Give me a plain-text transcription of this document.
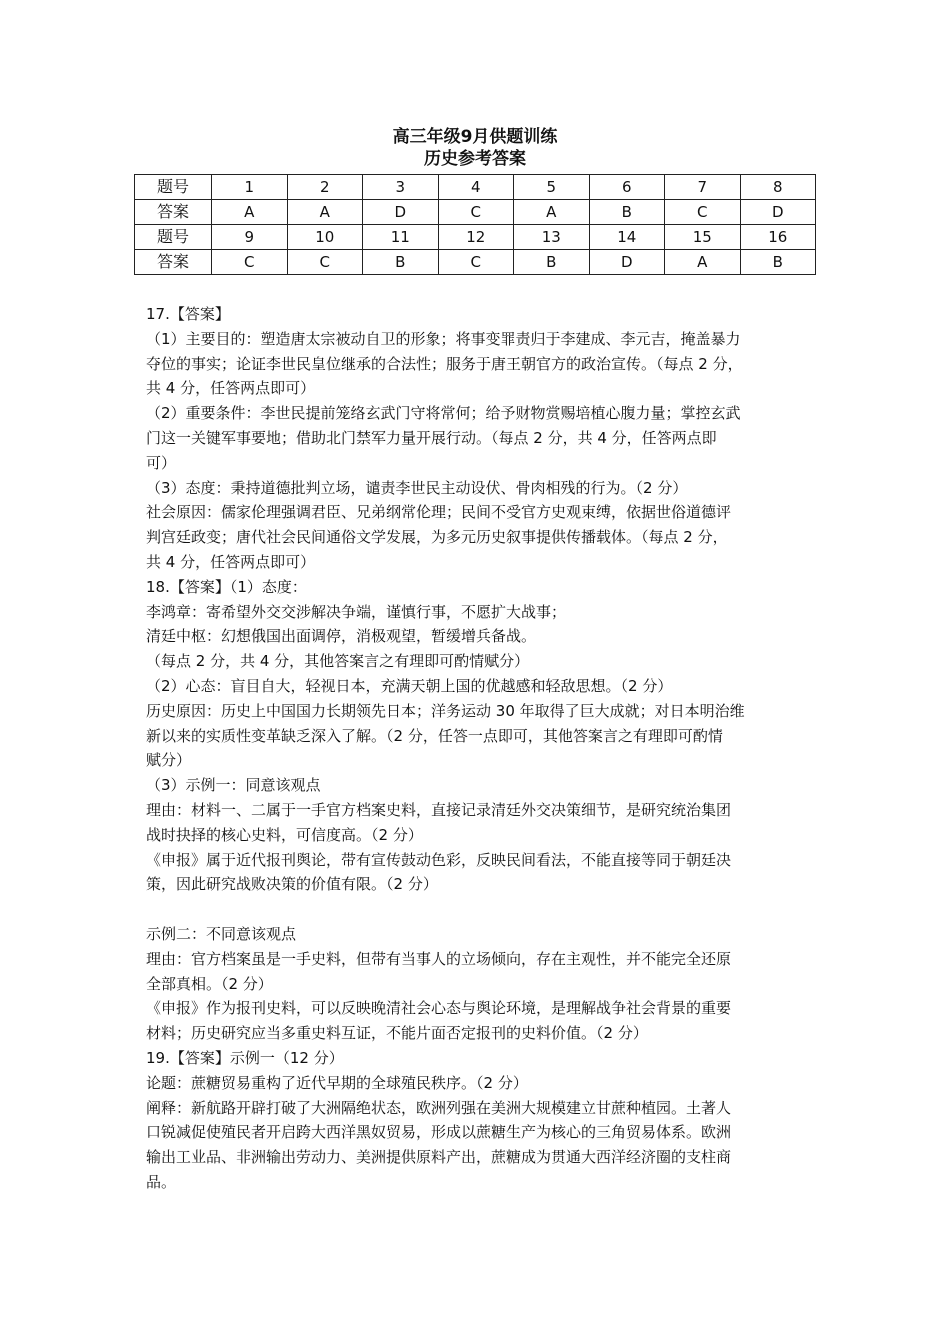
高三年级9月供题训练
历史参考答案
题号	1	2	3	4	5	6	7	8
答案	A	A	D	C	A	B	C	D
题号	9	10	11	12	13	14	15	16
答案	C	C	B	C	B	D	A	B
17.【答案】
（1）主要目的：塑造唐太宗被动自卫的形象；将事变罪责归于李建成、李元吉，掩盖暴力
夺位的事实；论证李世民皇位继承的合法性；服务于唐王朝官方的政治宣传。（每点 2 分，
共 4 分，任答两点即可）
（2）重要条件：李世民提前笼络玄武门守将常何；给予财物赏赐培植心腹力量；掌控玄武
门这一关键军事要地；借助北门禁军力量开展行动。（每点 2 分，共 4 分，任答两点即
可）
（3）态度：秉持道德批判立场，谴责李世民主动设伏、骨肉相残的行为。（2 分）
社会原因：儒家伦理强调君臣、兄弟纲常伦理；民间不受官方史观束缚，依据世俗道德评
判宫廷政变；唐代社会民间通俗文学发展，为多元历史叙事提供传播载体。（每点 2 分，
共 4 分，任答两点即可）
18.【答案】（1）态度：
李鸿章：寄希望外交交涉解决争端，谨慎行事，不愿扩大战事；
清廷中枢：幻想俄国出面调停，消极观望，暂缓增兵备战。
（每点 2 分，共 4 分，其他答案言之有理即可酌情赋分）
（2）心态：盲目自大，轻视日本，充满天朝上国的优越感和轻敌思想。（2 分）
历史原因：历史上中国国力长期领先日本；洋务运动 30 年取得了巨大成就；对日本明治维
新以来的实质性变革缺乏深入了解。（2 分，任答一点即可，其他答案言之有理即可酌情
赋分）
（3）示例一：同意该观点
理由：材料一、二属于一手官方档案史料，直接记录清廷外交决策细节，是研究统治集团
战时抉择的核心史料，可信度高。（2 分）
《申报》属于近代报刊舆论，带有宣传鼓动色彩，反映民间看法，不能直接等同于朝廷决
策，因此研究战败决策的价值有限。（2 分）
示例二：不同意该观点
理由：官方档案虽是一手史料，但带有当事人的立场倾向，存在主观性，并不能完全还原
全部真相。（2 分）
《申报》作为报刊史料，可以反映晚清社会心态与舆论环境，是理解战争社会背景的重要
材料；历史研究应当多重史料互证，不能片面否定报刊的史料价值。（2 分）
19.【答案】示例一（12 分）
论题：蔗糖贸易重构了近代早期的全球殖民秩序。（2 分）
阐释：新航路开辟打破了大洲隔绝状态，欧洲列强在美洲大规模建立甘蔗种植园。土著人
口锐减促使殖民者开启跨大西洋黑奴贸易，形成以蔗糖生产为核心的三角贸易体系。欧洲
输出工业品、非洲输出劳动力、美洲提供原料产出，蔗糖成为贯通大西洋经济圈的支柱商
品。
